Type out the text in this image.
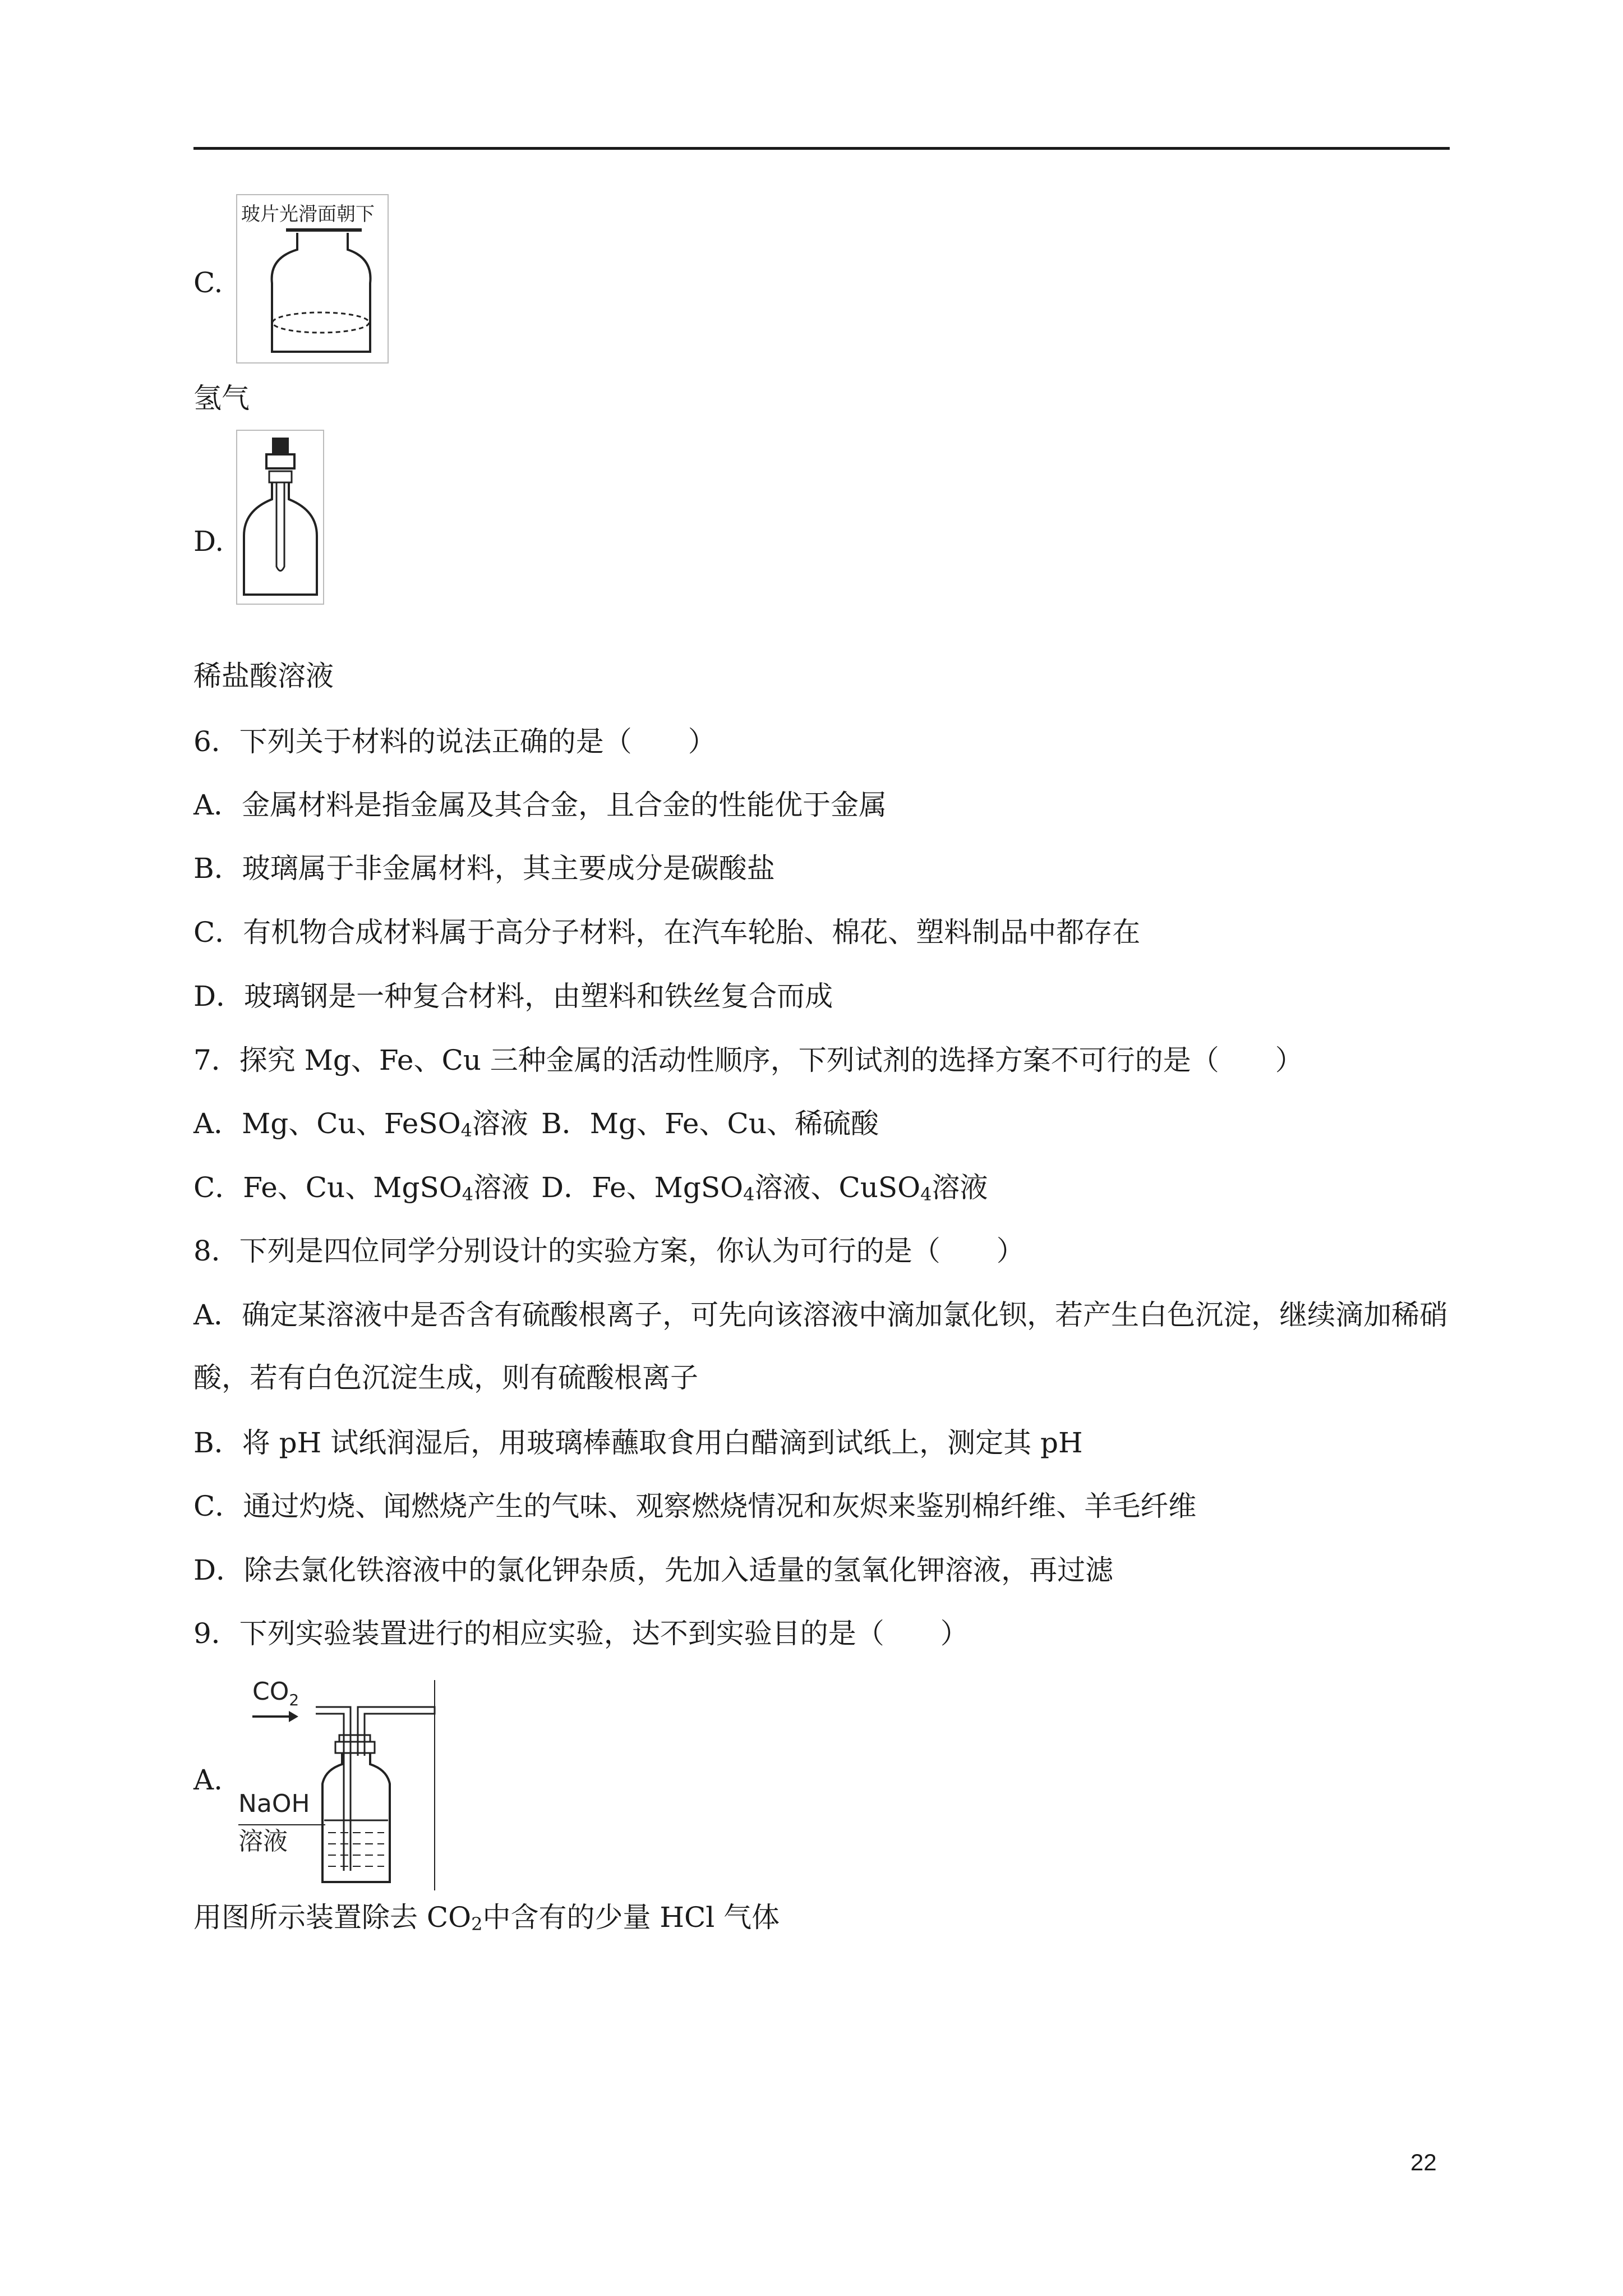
C.
玻片光滑面朝下
氢气
D.
稀盐酸溶液
6．下列关于材料的说法正确的是（　　）
A．金属材料是指金属及其合金，且合金的性能优于金属
B．玻璃属于非金属材料，其主要成分是碳酸盐
C．有机物合成材料属于高分子材料，在汽车轮胎、棉花、塑料制品中都存在
D．玻璃钢是一种复合材料，由塑料和铁丝复合而成
7．探究 Mg、Fe、Cu 三种金属的活动性顺序，下列试剂的选择方案不可行的是（　　）
A．Mg、Cu、FeSO$_4$溶液 B．Mg、Fe、Cu、稀硫酸
C．Fe、Cu、MgSO$_4$溶液 D．Fe、MgSO$_4$溶液、CuSO$_4$溶液
8．下列是四位同学分别设计的实验方案，你认为可行的是（　　）
A．确定某溶液中是否含有硫酸根离子，可先向该溶液中滴加氯化钡，若产生白色沉淀，继续滴加稀硝酸，若有白色沉淀生成，则有硫酸根离子
B．将 pH 试纸润湿后，用玻璃棒蘸取食用白醋滴到试纸上，测定其 pH
C．通过灼烧、闻燃烧产生的气味、观察燃烧情况和灰烬来鉴别棉纤维、羊毛纤维
D．除去氯化铁溶液中的氯化钾杂质，先加入适量的氢氧化钾溶液，再过滤
9．下列实验装置进行的相应实验，达不到实验目的是（　　）
A.
$CO_2$
NaOH
溶液
用图所示装置除去 $CO_2$中含有的少量 HCl 气体
22
